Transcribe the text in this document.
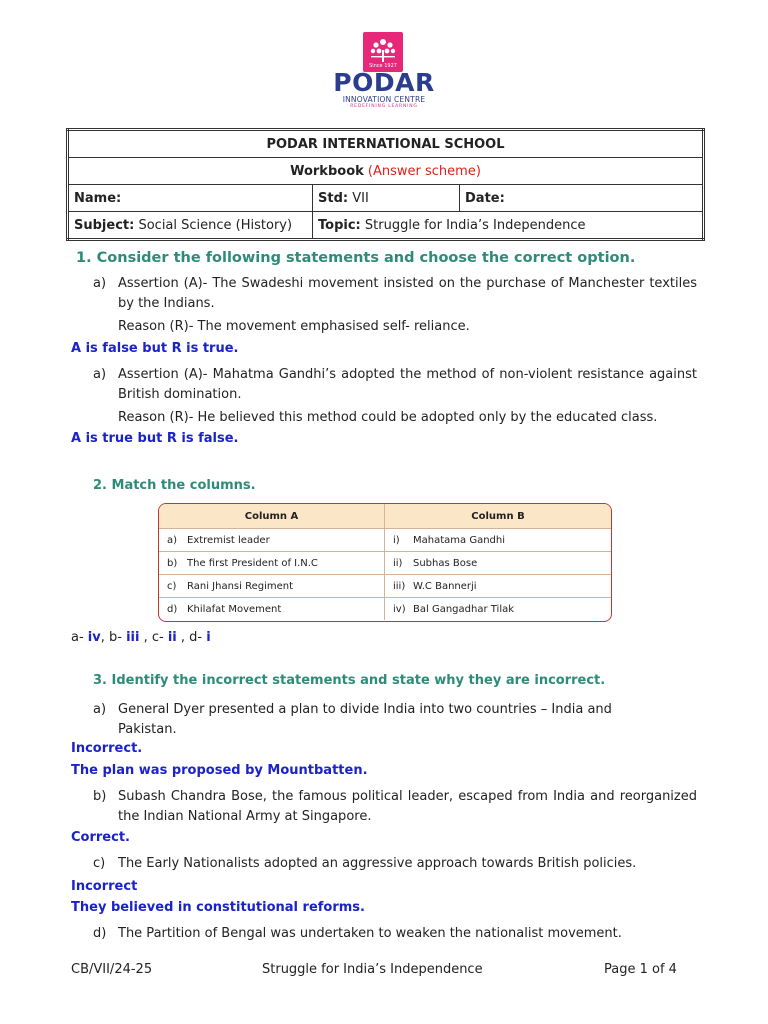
Since 1927
PODAR
INNOVATION CENTRE
REDEFINING LEARNING
PODAR INTERNATIONAL SCHOOL		
Workbook (Answer scheme)		
Name:	Std: VII	Date:
Subject: Social Science (History)	Topic: Struggle for India’s Independence	
1. Consider the following statements and choose the correct option.
a) Assertion (A)- The Swadeshi movement insisted on the purchase of Manchester textiles by the Indians.
Reason (R)- The movement emphasised self- reliance.
A is false but R is true.
a) Assertion (A)- Mahatma Gandhi’s adopted the method of non-violent resistance against British domination.
Reason (R)- He believed this method could be adopted only by the educated class.
A is true but R is false.
2. Match the columns.
Column A	Column B
a) Extremist leader	i) Mahatama Gandhi
b) The first President of I.N.C	ii) Subhas Bose
c) Rani Jhansi Regiment	iii) W.C Bannerji
d) Khilafat Movement	iv) Bal Gangadhar Tilak
a- iv, b- iii , c- ii , d- i
3. Identify the incorrect statements and state why they are incorrect.
a) General Dyer presented a plan to divide India into two countries – India and Pakistan.
Incorrect.
The plan was proposed by Mountbatten.
b) Subash Chandra Bose, the famous political leader, escaped from India and reorganized the Indian National Army at Singapore.
Correct.
c) The Early Nationalists adopted an aggressive approach towards British policies.
Incorrect
They believed in constitutional reforms.
d) The Partition of Bengal was undertaken to weaken the nationalist movement.
CB/VII/24-25	Struggle for India’s Independence	Page 1 of 4
